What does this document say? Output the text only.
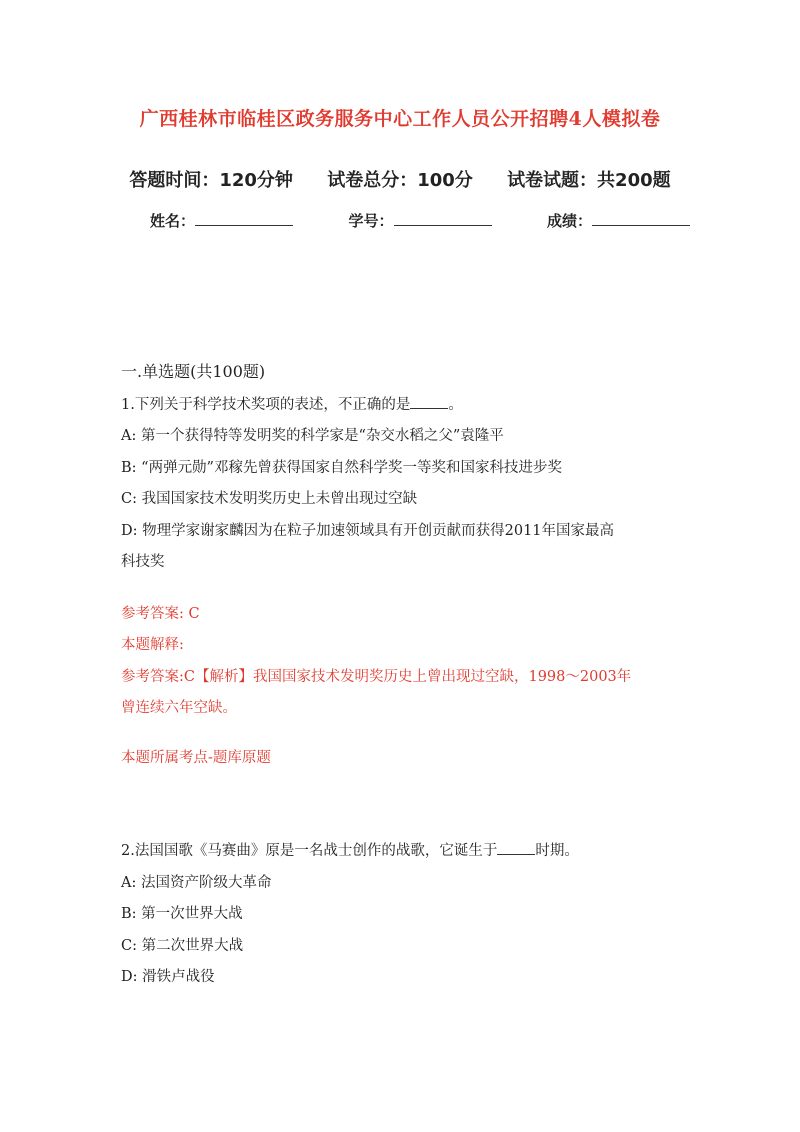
广西桂林市临桂区政务服务中心工作人员公开招聘4人模拟卷
答题时间：120分钟 试卷总分：100分 试卷试题：共200题
姓名：	学号：	成绩：
一.单选题(共100题)

1.下列关于科学技术奖项的表述，不正确的是	。

A: 第一个获得特等发明奖的科学家是“杂交水稻之父”袁隆平

B: “两弹元勋”邓稼先曾获得国家自然科学奖一等奖和国家科技进步奖

C: 我国国家技术发明奖历史上未曾出现过空缺

D: 物理学家谢家麟因为在粒子加速领域具有开创贡献而获得2011年国家最高

科技奖

参考答案: C

本题解释:

参考答案:C【解析】我国国家技术发明奖历史上曾出现过空缺，1998～2003年

曾连续六年空缺。

本题所属考点-题库原题

2.法国国歌《马赛曲》原是一名战士创作的战歌，它诞生于	时期。

A: 法国资产阶级大革命

B: 第一次世界大战

C: 第二次世界大战

D: 滑铁卢战役
